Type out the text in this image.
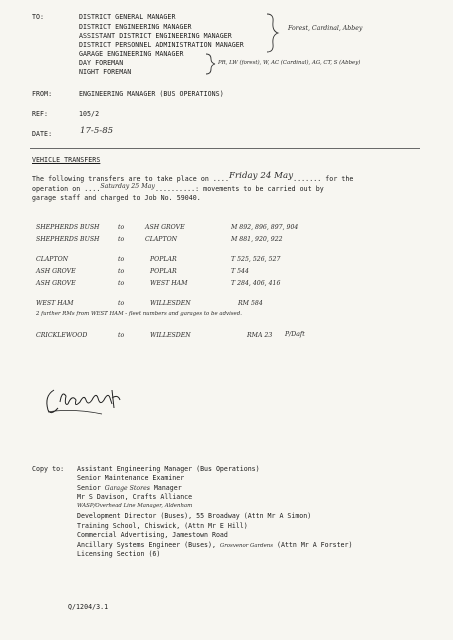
TO:	DISTRICT GENERAL MANAGER
DISTRICT ENGINEERING MANAGER
ASSISTANT DISTRICT ENGINEERING MANAGER
DISTRICT PERSONNEL ADMINISTRATION MANAGER
GARAGE ENGINEERING MANAGER
DAY FOREMAN
NIGHT FOREMAN
Forest, Cardinal, Abbey
PR, LW (forest), W, AC (Cardinal), AG, CT, S (Abbey)
FROM:	ENGINEERING MANAGER (BUS OPERATIONS)
REF:	105/2
DATE:	17-5-85
VEHICLE TRANSFERS
The following transfers are to take place on ....Friday 24 May....... for the
operation on ....Saturday 25 May..........: movements to be carried out by
garage staff and charged to Job No. 59040.
SHEPHERDS BUSH	to	ASH GROVE	M 892, 896, 897, 904
SHEPHERDS BUSH	to	CLAPTON	M 881, 920, 922
CLAPTON	to	POPLAR	T 525, 526, 527
ASH GROVE	to	POPLAR	T 544
ASH GROVE	to	WEST HAM	T 284, 406, 416
WEST HAM	to	WILLESDEN	RM 584
2 further RMs from WEST HAM - fleet numbers and garages to be advised.
CRICKLEWOOD	to	WILLESDEN	RMA 23 P/Daft
Copy to: Assistant Engineering Manager (Bus Operations)
Senior Maintenance Examiner
Senior Garage Stores Manager
Mr S Davison, Crafts Alliance
WASP/Overhead Line Manager, Aldenham
Development Director (Buses), 55 Broadway (Attn Mr A Simon)
Training School, Chiswick, (Attn Mr E Hill)
Commercial Advertising, Jamestown Road
Ancillary Systems Engineer (Buses), Grosvenor Gardens (Attn Mr A Forster)
Licensing Section (6)
Q/1204/3.1
